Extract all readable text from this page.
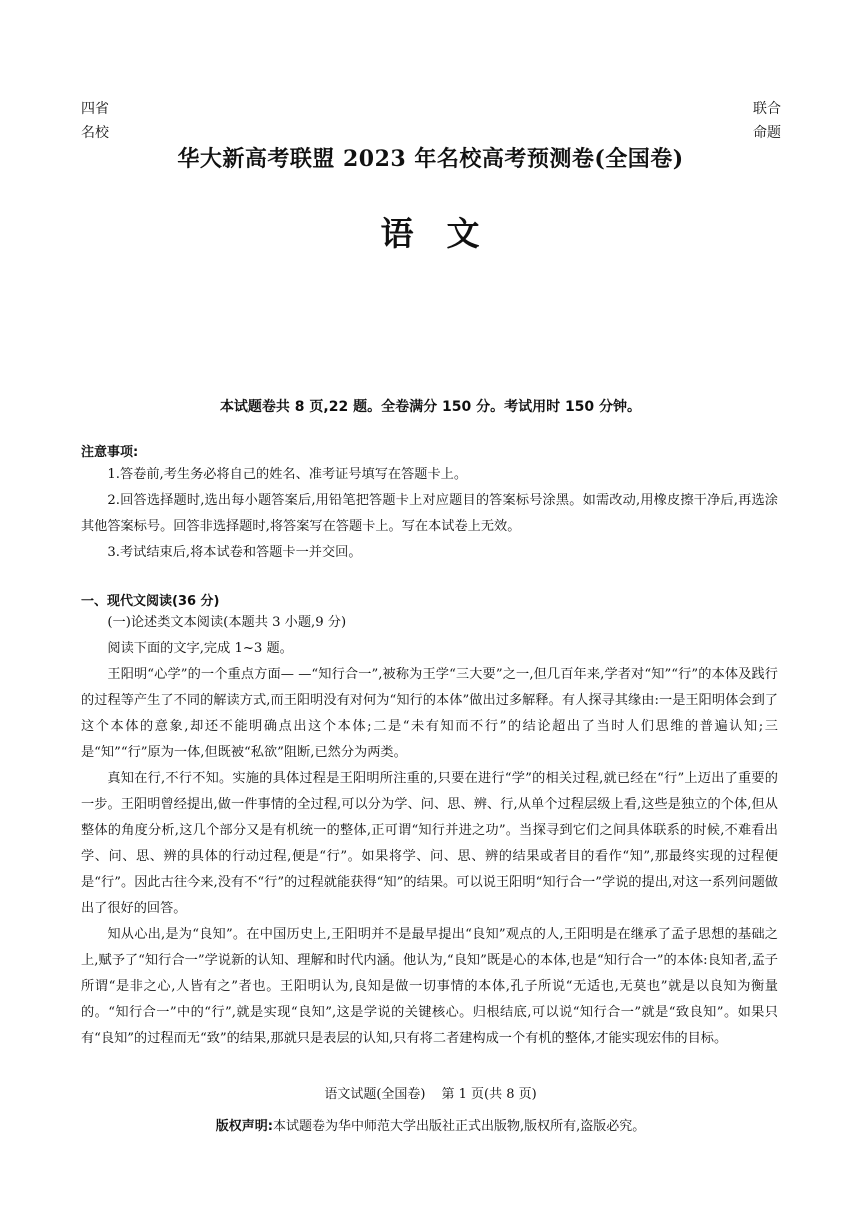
四省
名校
联合
命题
华大新高考联盟 2023 年名校高考预测卷(全国卷)
语 文
本试题卷共 8 页,22 题。全卷满分 150 分。考试用时 150 分钟。
注意事项:

1.答卷前,考生务必将自己的姓名、准考证号填写在答题卡上。

2.回答选择题时,选出每小题答案后,用铅笔把答题卡上对应题目的答案标号涂黑。如需改动,用橡皮擦干净后,再选涂其他答案标号。回答非选择题时,将答案写在答题卡上。写在本试卷上无效。

3.考试结束后,将本试卷和答题卡一并交回。

一、现代文阅读(36 分)

(一)论述类文本阅读(本题共 3 小题,9 分)

阅读下面的文字,完成 1~3 题。

王阳明“心学”的一个重点方面— —“知行合一”,被称为王学“三大要”之一,但几百年来,学者对“知”“行”的本体及践行的过程等产生了不同的解读方式,而王阳明没有对何为“知行的本体”做出过多解释。有人探寻其缘由:一是王阳明体会到了这个本体的意象,却还不能明确点出这个本体;二是“未有知而不行”的结论超出了当时人们思维的普遍认知;三是“知”“行”原为一体,但既被“私欲”阻断,已然分为两类。

真知在行,不行不知。实施的具体过程是王阳明所注重的,只要在进行“学”的相关过程,就已经在“行”上迈出了重要的一步。王阳明曾经提出,做一件事情的全过程,可以分为学、问、思、辨、行,从单个过程层级上看,这些是独立的个体,但从整体的角度分析,这几个部分又是有机统一的整体,正可谓“知行并进之功”。当探寻到它们之间具体联系的时候,不难看出学、问、思、辨的具体的行动过程,便是“行”。如果将学、问、思、辨的结果或者目的看作“知”,那最终实现的过程便是“行”。因此古往今来,没有不“行”的过程就能获得“知”的结果。可以说王阳明“知行合一”学说的提出,对这一系列问题做出了很好的回答。

知从心出,是为“良知”。在中国历史上,王阳明并不是最早提出“良知”观点的人,王阳明是在继承了孟子思想的基础之上,赋予了“知行合一”学说新的认知、理解和时代内涵。他认为,“良知”既是心的本体,也是“知行合一”的本体:良知者,孟子所谓“是非之心,人皆有之”者也。王阳明认为,良知是做一切事情的本体,孔子所说“无适也,无莫也”就是以良知为衡量的。“知行合一”中的“行”,就是实现“良知”,这是学说的关键核心。归根结底,可以说“知行合一”就是“致良知”。如果只有“良知”的过程而无“致”的结果,那就只是表层的认知,只有将二者建构成一个有机的整体,才能实现宏伟的目标。

语文试题(全国卷) 第 1 页(共 8 页)
版权声明:本试题卷为华中师范大学出版社正式出版物,版权所有,盗版必究。
